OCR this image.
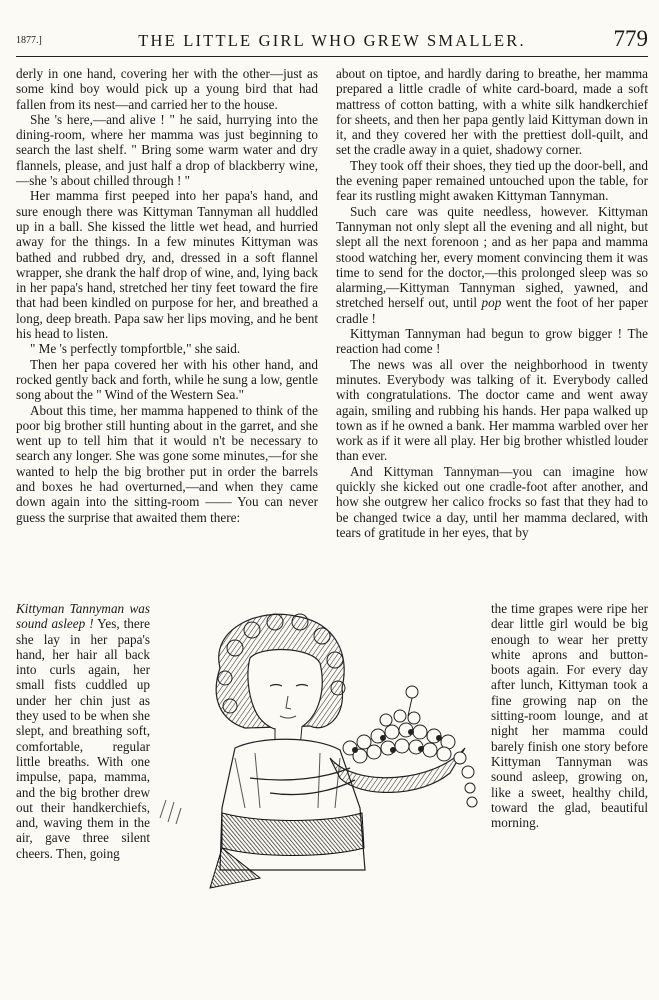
1877.]	THE LITTLE GIRL WHO GREW SMALLER.	779

derly in one hand, covering her with the other—just as some kind boy would pick up a young bird that had fallen from its nest—and carried her to the house.

She 's here,—and alive ! " he said, hurrying into the dining-room, where her mamma was just beginning to search the last shelf. " Bring some warm water and dry flannels, please, and just half a drop of blackberry wine,—she 's about chilled through ! "

Her mamma first peeped into her papa's hand, and sure enough there was Kittyman Tannyman all huddled up in a ball. She kissed the little wet head, and hurried away for the things. In a few minutes Kittyman was bathed and rubbed dry, and, dressed in a soft flannel wrapper, she drank the half drop of wine, and, lying back in her papa's hand, stretched her tiny feet toward the fire that had been kindled on purpose for her, and breathed a long, deep breath. Papa saw her lips moving, and he bent his head to listen.

" Me 's perfectly tompfortble," she said.

Then her papa covered her with his other hand, and rocked gently back and forth, while he sung a low, gentle song about the " Wind of the Western Sea."

About this time, her mamma happened to think of the poor big brother still hunting about in the garret, and she went up to tell him that it would n't be necessary to search any longer. She was gone some minutes,—for she wanted to help the big brother put in order the barrels and boxes he had overturned,—and when they came down again into the sitting-room —— You can never guess the surprise that awaited them there:

Kittyman Tannyman was sound asleep ! Yes, there she lay in her papa's hand, her hair all back into curls again, her small fists cuddled up under her chin just as they used to be when she slept, and breathing soft, comfortable, regular little breaths. With one impulse, papa, mamma, and the big brother drew out their handkerchiefs, and, waving them in the air, gave three silent cheers. Then, going

about on tiptoe, and hardly daring to breathe, her mamma prepared a little cradle of white card-board, made a soft mattress of cotton batting, with a white silk handkerchief for sheets, and then her papa gently laid Kittyman down in it, and they covered her with the prettiest doll-quilt, and set the cradle away in a quiet, shadowy corner.

They took off their shoes, they tied up the door-bell, and the evening paper remained untouched upon the table, for fear its rustling might awaken Kittyman Tannyman.

Such care was quite needless, however. Kittyman Tannyman not only slept all the evening and all night, but slept all the next forenoon ; and as her papa and mamma stood watching her, every moment convincing them it was time to send for the doctor,—this prolonged sleep was so alarming,—Kittyman Tannyman sighed, yawned, and stretched herself out, until pop went the foot of her paper cradle !

Kittyman Tannyman had begun to grow bigger ! The reaction had come !

The news was all over the neighborhood in twenty minutes. Everybody was talking of it. Everybody called with congratulations. The doctor came and went away again, smiling and rubbing his hands. Her papa walked up town as if he owned a bank. Her mamma warbled over her work as if it were all play. Her big brother whistled louder than ever.

And Kittyman Tannyman—you can imagine how quickly she kicked out one cradle-foot after another, and how she outgrew her calico frocks so fast that they had to be changed twice a day, until her mamma declared, with tears of gratitude in her eyes, that by

the time grapes were ripe her dear little girl would be big enough to wear her pretty white aprons and button-boots again. For every day after lunch, Kittyman took a fine growing nap on the sitting-room lounge, and at night her mamma could barely finish one story before Kittyman Tannyman was sound asleep, growing on, like a sweet, healthy child, toward the glad, beautiful morning.
